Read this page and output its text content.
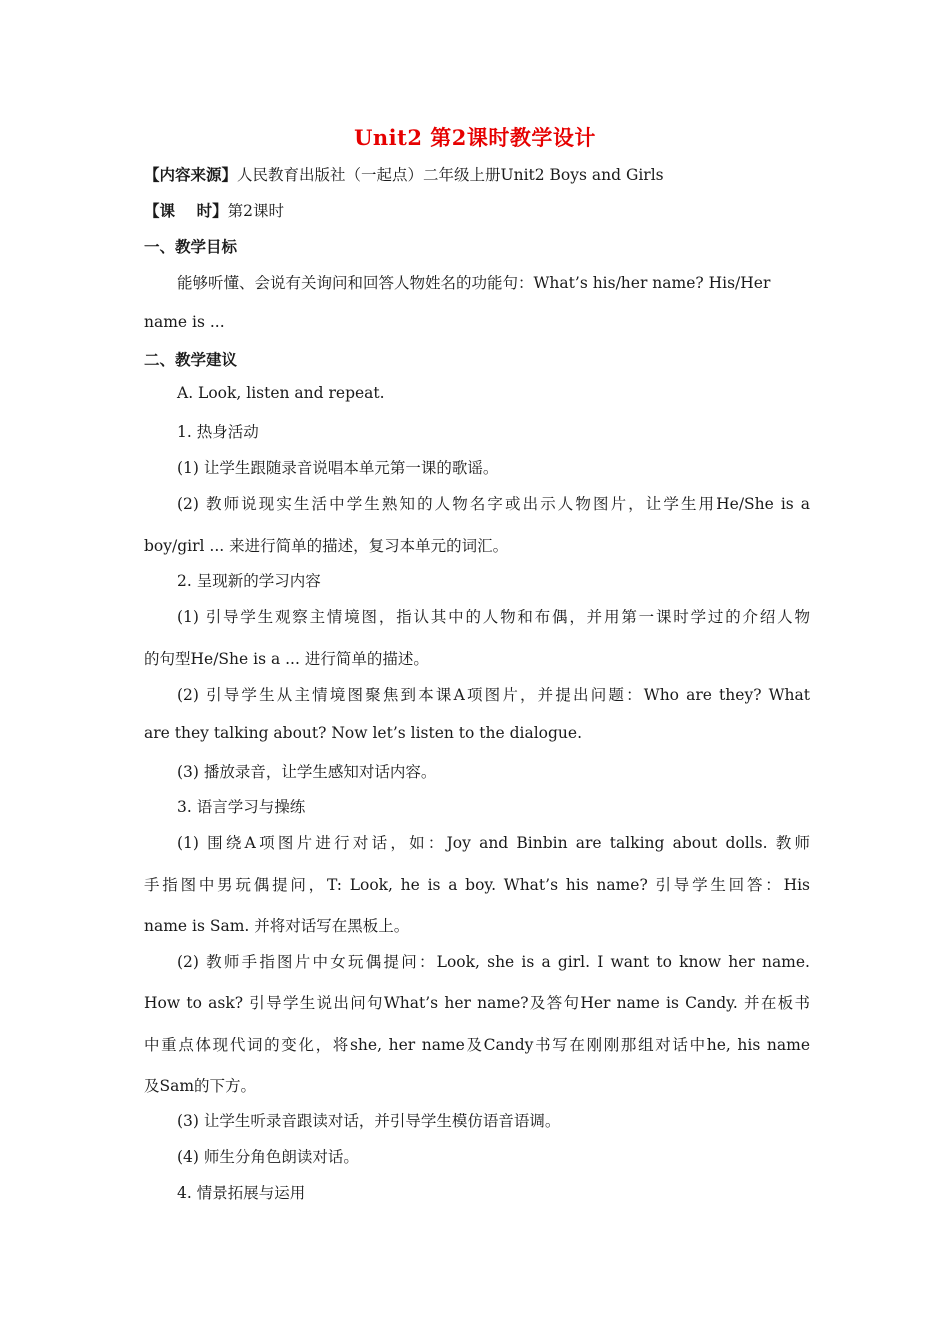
Unit2 第2课时教学设计
【内容来源】人民教育出版社（一起点）二年级上册Unit2 Boys and Girls
【课    时】第2课时
一、教学目标
能够听懂、会说有关询问和回答人物姓名的功能句：What’s his/her name? His/Her
name is ...
二、教学建议
A. Look, listen and repeat.
1. 热身活动
(1) 让学生跟随录音说唱本单元第一课的歌谣。
(2) 教师说现实生活中学生熟知的人物名字或出示人物图片，让学生用He/She is a
boy/girl ... 来进行简单的描述，复习本单元的词汇。
2. 呈现新的学习内容
(1) 引导学生观察主情境图，指认其中的人物和布偶，并用第一课时学过的介绍人物
的句型He/She is a ... 进行简单的描述。
(2) 引导学生从主情境图聚焦到本课A项图片，并提出问题：Who are they? What
are they talking about? Now let’s listen to the dialogue.
(3) 播放录音，让学生感知对话内容。
3. 语言学习与操练
(1) 围绕A项图片进行对话，如：Joy and Binbin are talking about dolls. 教师
手指图中男玩偶提问，T: Look, he is a boy. What’s his name? 引导学生回答：His
name is Sam. 并将对话写在黑板上。
(2) 教师手指图片中女玩偶提问：Look, she is a girl. I want to know her name.
How to ask? 引导学生说出问句What’s her name?及答句Her name is Candy. 并在板书
中重点体现代词的变化，将she, her name及Candy书写在刚刚那组对话中he, his name
及Sam的下方。
(3) 让学生听录音跟读对话，并引导学生模仿语音语调。
(4) 师生分角色朗读对话。
4. 情景拓展与运用
